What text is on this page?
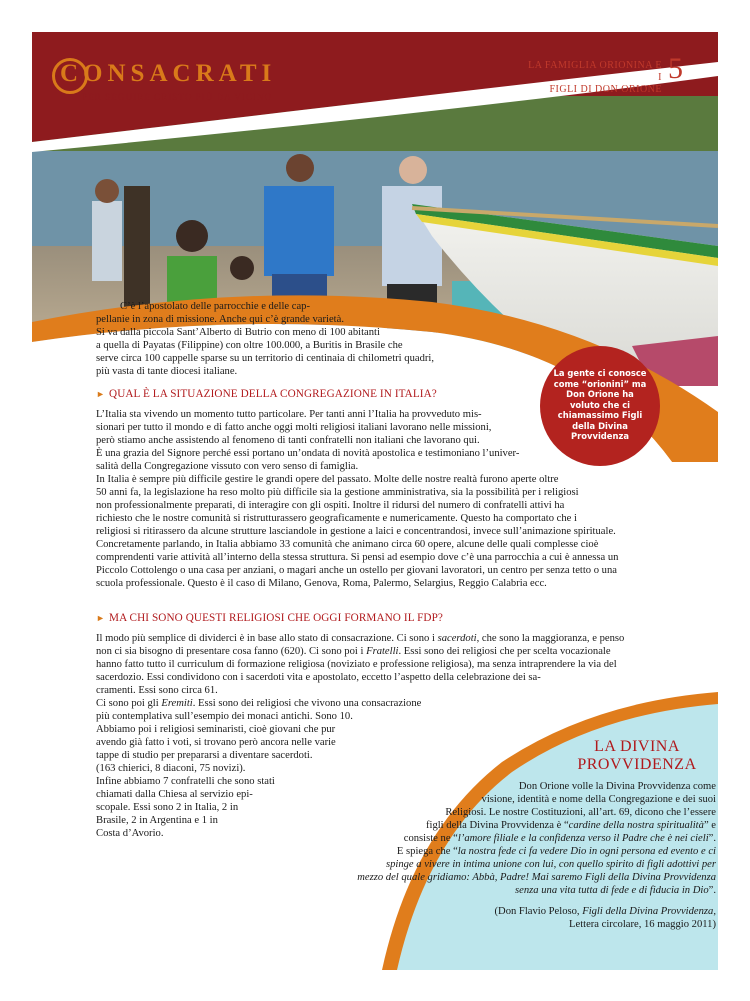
CONSACRATI
PER SEGUIRE CRISTO PIÙ DA VICINO
LA FAMIGLIA ORIONINA E I
FIGLI DI DON ORIONE
5

C’è l’apostolato delle parrocchie e delle cap-

pellanie in zona di missione. Anche qui c’è grande varietà.

Si va dalla piccola Sant’Alberto di Butrio con meno di 100 abitanti

a quella di Payatas (Filippine) con oltre 100.000, a Buritis in Brasile che

serve circa 100 cappelle sparse su un territorio di centinaia di chilometri quadri,

più vasta di tante diocesi italiane.	La gente ci conosce come “orionini” ma Don Orione ha voluto che ci chiamassimo Figli della Divina Provvidenza
► QUAL È LA SITUAZIONE DELLA CONGREGAZIONE IN ITALIA?

L’Italia sta vivendo un momento tutto particolare. Per tanti anni l’Italia ha provveduto mis-

sionari per tutto il mondo e di fatto anche oggi molti religiosi italiani lavorano nelle missioni,

però stiamo anche assistendo al fenomeno di tanti confratelli non italiani che lavorano qui.

È una grazia del Signore perché essi portano un’ondata di novità apostolica e testimoniano l’univer-

salità della Congregazione vissuto con vero senso di famiglia.

In Italia è sempre più difficile gestire le grandi opere del passato. Molte delle nostre realtà furono aperte oltre

50 anni fa, la legislazione ha reso molto più difficile sia la gestione amministrativa, sia la possibilità per i religiosi

non professionalmente preparati, di interagire con gli ospiti. Inoltre il ridursi del numero di confratelli attivi ha

richiesto che le nostre comunità si ristrutturassero geograficamente e numericamente. Questo ha comportato che i

religiosi si ritirassero da alcune strutture lasciandole in gestione a laici e concentrandosi, invece sull’animazione spirituale.

Concretamente parlando, in Italia abbiamo 33 comunità che animano circa 60 opere, alcune delle quali complesse cioè

comprendenti varie attività all’interno della stessa struttura. Si pensi ad esempio dove c’è una parrocchia a cui è annessa un

Piccolo Cottolengo o una casa per anziani, o magari anche un ostello per giovani lavoratori, un centro per senza tetto o una

scuola professionale. Questo è il caso di Milano, Genova, Roma, Palermo, Selargius, Reggio Calabria ecc.

► MA CHI SONO QUESTI RELIGIOSI CHE OGGI FORMANO IL FDP?

Il modo più semplice di dividerci è in base allo stato di consacrazione. Ci sono i sacerdoti, che sono la maggioranza, e penso

non ci sia bisogno di presentare cosa fanno (620). Ci sono poi i Fratelli. Essi sono dei religiosi che per scelta vocazionale

hanno fatto tutto il curriculum di formazione religiosa (noviziato e professione religiosa), ma senza intraprendere la via del

sacerdozio. Essi condividono con i sacerdoti vita e apostolato, eccetto l’aspetto della celebrazione dei sa-

cramenti. Essi sono circa 61.

Ci sono poi gli Eremiti. Essi sono dei religiosi che vivono una consacrazione

più contemplativa sull’esempio dei monaci antichi. Sono 10.

Abbiamo poi i religiosi seminaristi, cioè giovani che pur

avendo già fatto i voti, si trovano però ancora nelle varie

tappe di studio per prepararsi a diventare sacerdoti.

(163 chierici, 8 diaconi, 75 novizi).

Infine abbiamo 7 confratelli che sono stati

chiamati dalla Chiesa al servizio epi-

scopale. Essi sono 2 in Italia, 2 in

Brasile, 2 in Argentina e 1 in

Costa d’Avorio.

LA DIVINA
PROVVIDENZA
Don Orione volle la Divina Provvidenza come
visione, identità e nome della Congregazione e dei suoi
Religiosi. Le nostre Costituzioni, all’art. 69, dicono che l’essere
figli della Divina Provvidenza è “cardine della nostra spiritualità” e
consiste ne “l’amore filiale e la confidenza verso il Padre che è nei cieli”.
E spiega che “la nostra fede ci fa vedere Dio in ogni persona ed evento e ci
spinge a vivere in intima unione con lui, con quello spirito di figli adottivi per
mezzo del quale gridiamo: Abbà, Padre! Mai saremo Figli della Divina Provvidenza
senza una vita tutta di fede e di fiducia in Dio”.
(Don Flavio Peloso, Figli della Divina Provvidenza,
Lettera circolare, 16 maggio 2011)
